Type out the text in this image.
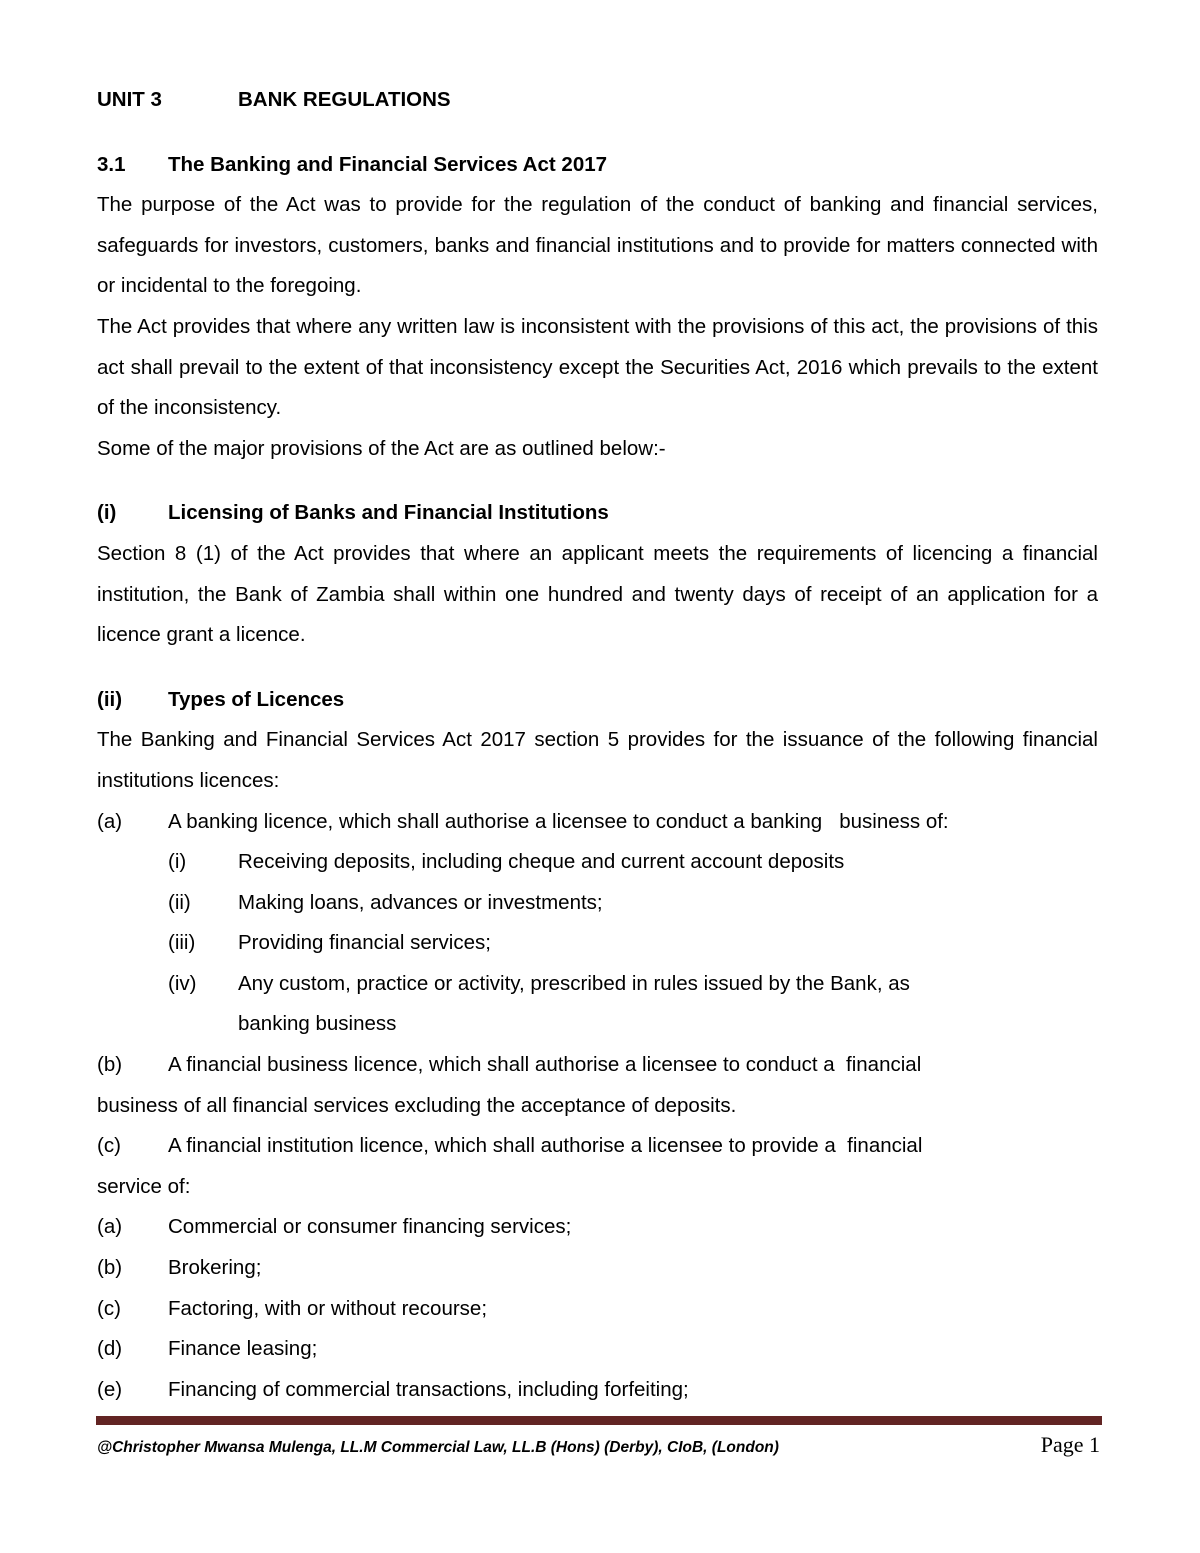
UNIT 3	BANK REGULATIONS
3.1	The Banking and Financial Services Act 2017

The purpose of the Act was to provide for the regulation of the conduct of banking and financial services, safeguards for investors, customers, banks and financial institutions and to provide for matters connected with or incidental to the foregoing.

The Act provides that where any written law is inconsistent with the provisions of this act, the provisions of this act shall prevail to the extent of that inconsistency except the Securities Act, 2016 which prevails to the extent of the inconsistency.

Some of the major provisions of the Act are as outlined below:-

(i)	Licensing of Banks and Financial Institutions

Section 8 (1) of the Act provides that where an applicant meets the requirements of licencing a financial institution, the Bank of Zambia shall within one hundred and twenty days of receipt of an application for a licence grant a licence.

(ii)	Types of Licences

The Banking and Financial Services Act 2017 section 5 provides for the issuance of the following financial institutions licences:

(a)	A banking licence, which shall authorise a licensee to conduct a banking   business of:
(i)	Receiving deposits, including cheque and current account deposits
(ii)	Making loans, advances or investments;
(iii)	Providing financial services;
(iv)	Any custom, practice or activity, prescribed in rules issued by the Bank, as
banking business
(b)	A financial business licence, which shall authorise a licensee to conduct a  financial
business of all financial services excluding the acceptance of deposits.
(c)	A financial institution licence, which shall authorise a licensee to provide a  financial
service of:
(a)	Commercial or consumer financing services;
(b)	Brokering;
(c)	Factoring, with or without recourse;
(d)	Finance leasing;
(e)	Financing of commercial transactions, including forfeiting;
@Christopher Mwansa Mulenga, LL.M Commercial Law, LL.B (Hons) (Derby), CIoB, (London)	Page 1
